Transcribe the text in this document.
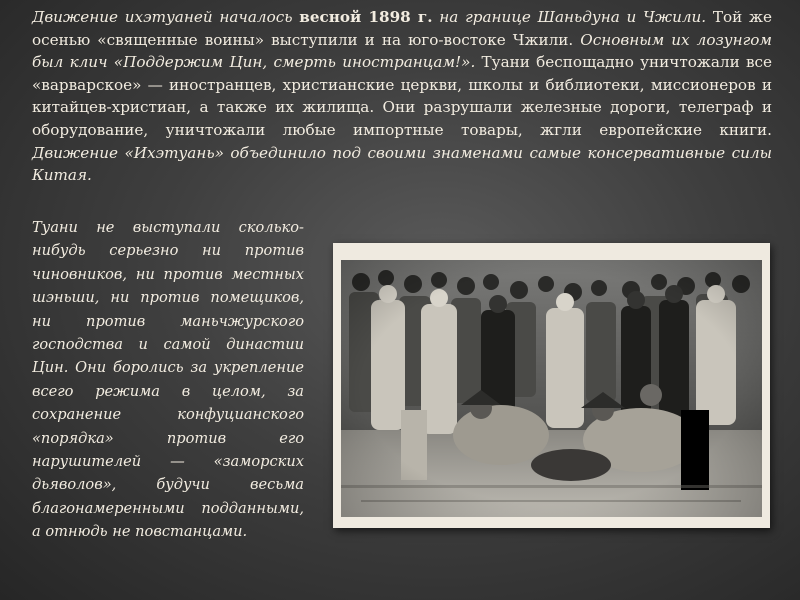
Движение ихэтуаней началось весной 1898 г. на границе Шаньдуна и Чжили. Той же осенью «священные воины» выступили и на юго-востоке Чжили. Основным их лозунгом был клич «Поддержим Цин, смерть иностранцам!». Туани беспощадно уничтожали все «варварское» — иностранцев, христианские церкви, школы и библиотеки, миссионеров и китайцев-христиан, а также их жилища. Они разрушали железные дороги, телеграф и оборудование, уничтожали любые импортные товары, жгли европейские книги. Движение «Ихэтуань» объединило под своими знаменами самые консервативные силы Китая.

Туани не выступали сколько-нибудь серьезно ни против чиновников, ни против местных шэньши, ни против помещиков, ни против маньчжурского господства и самой династии Цин. Они боролись за укрепление всего режима в целом, за сохранение конфуцианского «порядка» против его нарушителей — «заморских дьяволов», будучи весьма благонамеренными подданными, а отнюдь не повстанцами.
